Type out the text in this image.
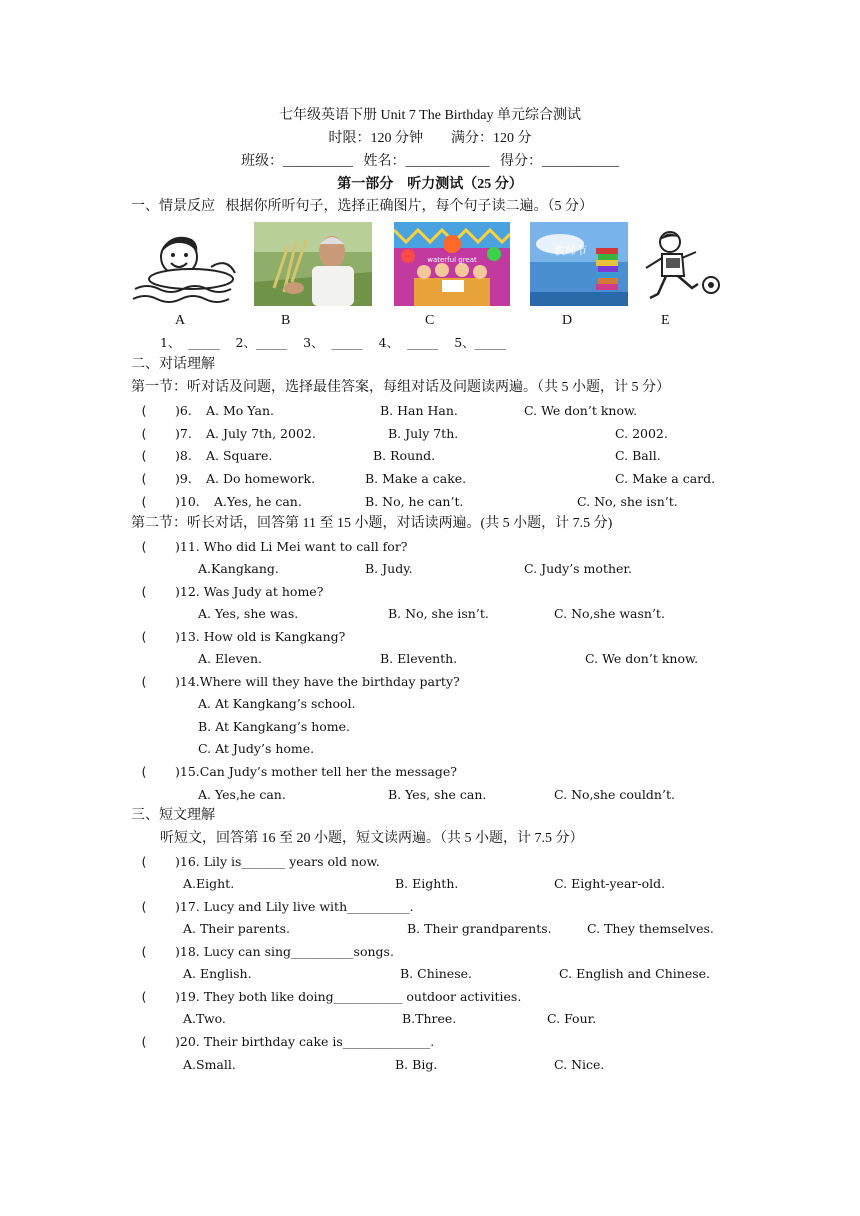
七年级英语下册 Unit 7 The Birthday 单元综合测试
时限：120 分钟        满分：120 分
班级：__________   姓名：____________   得分：___________
第一部分    听力测试（25 分）
一、情景反应   根据你所听句子，选择正确图片，每个句子读二遍。（5 分）
waterful great
教师节
A	B	C	D	E
1、  _____    2、_____    3、  _____    4、  _____    5、_____
二、对话理解
第一节：听对话及问题，选择最佳答案，每组对话及问题读两遍。（共 5 小题，计 5 分）
( )6. A. Mo Yan.	B. Han Han.	C. We don’t know.
( )7. A. July 7th, 2002.	B. July 7th.	C. 2002.
( )8. A. Square.	B. Round.	C. Ball.
( )9. A. Do homework.	B. Make a cake.	C. Make a card.
( )10. A.Yes, he can.	B. No, he can’t.	C. No, she isn’t.
第二节：听长对话，回答第 11 至 15 小题，对话读两遍。(共 5 小题，计 7.5 分)
( )11. Who did Li Mei want to call for?
A.Kangkang.	B. Judy.	C. Judy’s mother.
( )12. Was Judy at home?
A. Yes, she was.	B. No, she isn’t.	C. No,she wasn’t.
( )13. How old is Kangkang?
A. Eleven.	B. Eleventh.	C. We don’t know.
( )14.Where will they have the birthday party?
A. At Kangkang’s school.
B. At Kangkang’s home.
C. At Judy’s home.
( )15.Can Judy’s mother tell her the message?
A. Yes,he can.	B. Yes, she can.	C. No,she couldn’t.
三、短文理解
听短文，回答第 16 至 20 小题，短文读两遍。（共 5 小题，计 7.5 分）
( )16. Lily is_______ years old now.
A.Eight.	B. Eighth.	C. Eight-year-old.
( )17. Lucy and Lily live with__________.
A. Their parents.	B. Their grandparents.	C. They themselves.
( )18. Lucy can sing__________songs.
A. English.	B. Chinese.	C. English and Chinese.
( )19. They both like doing___________ outdoor activities.
A.Two.	B.Three.	C. Four.
( )20. Their birthday cake is______________.
A.Small.	B. Big.	C. Nice.
